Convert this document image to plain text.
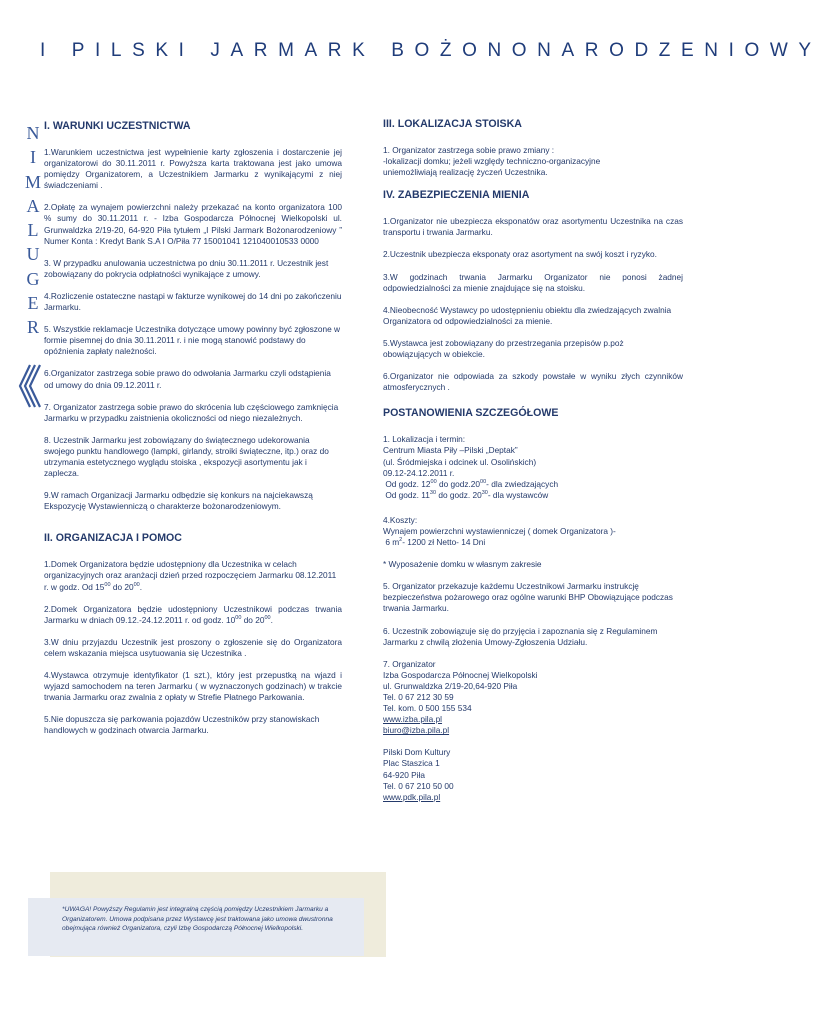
I PILSKI JARMARK BOŻONONARODZENIOWY
N
I
M
A
L
U
G
E
R
I. WARUNKI UCZESTNICTWA

1.Warunkiem uczestnictwa jest wypełnienie karty zgłoszenia i dostarczenie jej organizatorowi do 30.11.2011 r. Powyższa karta traktowana jest jako umowa pomiędzy Organizatorem, a Uczestnikiem Jarmarku z wynikającymi z niej świadczeniami .

2.Opłatę za wynajem powierzchni należy przekazać na konto organizatora 100 % sumy do 30.11.2011 r. - Izba Gospodarcza Północnej Wielkopolski ul. Grunwaldzka 2/19-20, 64-920 Piła tytułem „I Pilski Jarmark Bożonarodzeniowy ” Numer Konta : Kredyt Bank S.A I O/Piła 77 15001041 121040010533 0000

3. W przypadku anulowania uczestnictwa po dniu 30.11.2011 r. Uczestnik jest zobowiązany do pokrycia odpłatności wynikające z umowy.

4.Rozliczenie ostateczne nastąpi w fakturze wynikowej do 14 dni po zakończeniu Jarmarku.

5. Wszystkie reklamacje Uczestnika dotyczące umowy powinny być zgłoszone w formie pisemnej do dnia 30.11.2011 r. i nie mogą stanowić podstawy do opóźnienia zapłaty należności.

6.Organizator zastrzega sobie prawo do odwołania Jarmarku czyli odstąpienia od umowy do dnia 09.12.2011 r.

7. Organizator zastrzega sobie prawo do skrócenia lub częściowego zamknięcia Jarmarku w przypadku zaistnienia okoliczności od niego niezależnych.

8. Uczestnik Jarmarku jest zobowiązany do świątecznego udekorowania swojego punktu handlowego (lampki, girlandy, stroiki świąteczne, itp.) oraz do utrzymania estetycznego wyglądu stoiska , ekspozycji asortymentu jak i zaplecza.

9.W ramach Organizacji Jarmarku odbędzie się konkurs na najciekawszą Ekspozycję Wystawienniczą o charakterze bożonarodzeniowym.

II. ORGANIZACJA I POMOC

1.Domek Organizatora będzie udostępniony dla Uczestnika w celach organizacyjnych oraz aranżacji dzień przed rozpoczęciem Jarmarku 08.12.2011 r. w godz. Od $15^{00}$ do $20^{00}$.

2.Domek Organizatora będzie udostępniony Uczestnikowi podczas trwania Jarmarku w dniach 09.12.-24.12.2011 r. od godz. $10^{00}$ do $20^{00}$.

3.W dniu przyjazdu Uczestnik jest proszony o zgłoszenie się do Organizatora celem wskazania miejsca usytuowania się Uczestnika .

4.Wystawca otrzymuje identyfikator (1 szt.), który jest przepustką na wjazd i wyjazd samochodem na teren Jarmarku ( w wyznaczonych godzinach) w trakcie trwania Jarmarku oraz zwalnia z opłaty w Strefie Płatnego Parkowania.

5.Nie dopuszcza się parkowania pojazdów Uczestników przy stanowiskach handlowych w godzinach otwarcia Jarmarku.

III. LOKALIZACJA STOISKA

1. Organizator zastrzega sobie prawo zmiany :
-lokalizacji domku; jeżeli względy techniczno-organizacyjne
uniemożliwiają realizację życzeń Uczestnika.

IV. ZABEZPIECZENIA MIENIA

1.Organizator nie ubezpiecza eksponatów oraz asortymentu Uczestnika na czas transportu i trwania Jarmarku.

2.Uczestnik ubezpiecza eksponaty oraz asortyment na swój koszt i ryzyko.

3.W godzinach trwania Jarmarku Organizator nie ponosi żadnej odpowiedzialności za mienie znajdujące się na stoisku.

4.Nieobecność Wystawcy po udostępnieniu obiektu dla zwiedzających zwalnia Organizatora od odpowiedzialności za mienie.

5.Wystawca jest zobowiązany do przestrzegania przepisów p.poż obowiązujących w obiekcie.

6.Organizator nie odpowiada za szkody powstałe w wyniku złych czynników atmosferycznych .

POSTANOWIENIA SZCZEGÓŁOWE

1. Lokalizacja i termin:
Centrum Miasta Piły –Pilski „Deptak”
(ul. Śródmiejska i odcinek ul. Osolińskich)
09.12-24.12.2011 r.
Od godz. $12^{00}$ do $godz.20^{00}-$ dla zwiedzających
Od godz. $11^{30}$ do godz. $20^{30}-$ dla wystawców

4.Koszty:
Wynajem powierzchni wystawienniczej ( domek Organizatora )-
6 $m^2-$ 1200 zł Netto- 14 Dni

* Wyposażenie domku w własnym zakresie

5. Organizator przekazuje każdemu Uczestnikowi Jarmarku instrukcję bezpieczeństwa pożarowego oraz ogólne warunki BHP Obowiązujące podczas trwania Jarmarku.

6. Uczestnik zobowiązuje się do przyjęcia i zapoznania się z Regulaminem Jarmarku z chwilą złożenia Umowy-Zgłoszenia Udziału.

7. Organizator
Izba Gospodarcza Północnej Wielkopolski
ul. Grunwaldzka 2/19-20,64-920 Piła
Tel. 0 67 212 30 59
Tel. kom. 0 500 155 534
www.izba.pila.pl
biuro@izba.pila.pl

Pilski Dom Kultury
Plac Staszica 1
64-920 Piła
Tel. 0 67 210 50 00
www.pdk.pila.pl

*UWAGA! Powyższy Regulamin jest integralną częścią pomiędzy Uczestnikiem Jarmarku a Organizatorem. Umowa podpisana przez Wystawcę jest traktowana jako umowa dwustronna obejmująca również Organizatora, czyli Izbę Gospodarczą Północnej Wielkopolski.
